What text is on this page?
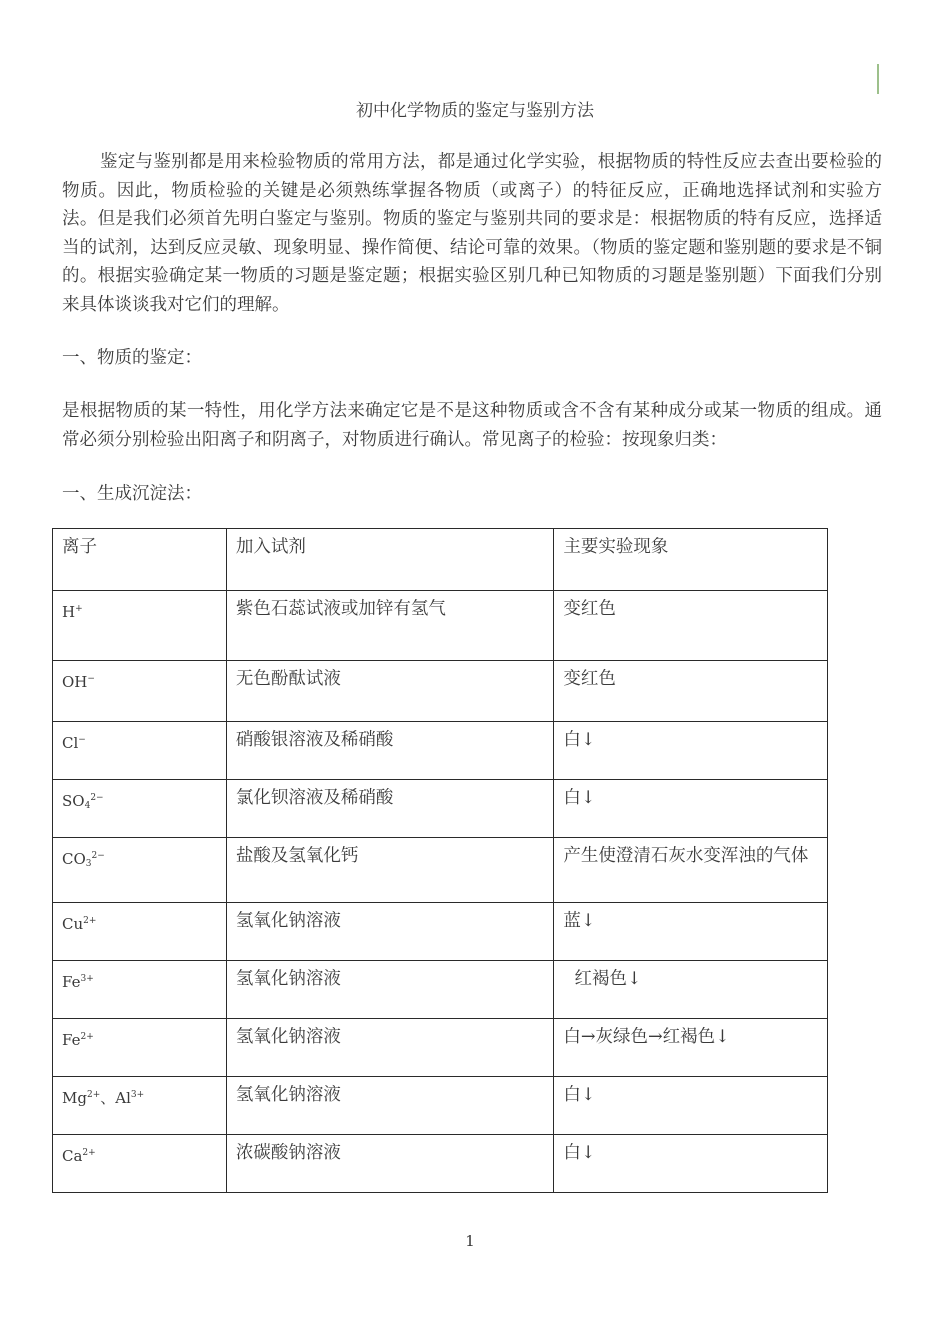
初中化学物质的鉴定与鉴别方法

鉴定与鉴别都是用来检验物质的常用方法，都是通过化学实验，根据物质的特性反应去查出要检验的物质。因此，物质检验的关键是必须熟练掌握各物质（或离子）的特征反应，正确地选择试剂和实验方法。但是我们必须首先明白鉴定与鉴别。物质的鉴定与鉴别共同的要求是：根据物质的特有反应，选择适当的试剂，达到反应灵敏、现象明显、操作简便、结论可靠的效果。（物质的鉴定题和鉴别题的要求是不铜的。根据实验确定某一物质的习题是鉴定题；根据实验区别几种已知物质的习题是鉴别题）下面我们分别来具体谈谈我对它们的理解。

一、物质的鉴定：

是根据物质的某一特性，用化学方法来确定它是不是这种物质或含不含有某种成分或某一物质的组成。通常必须分别检验出阳离子和阴离子，对物质进行确认。常见离子的检验：按现象归类：

一、生成沉淀法：

离子	加入试剂	主要实验现象
H+	紫色石蕊试液或加锌有氢气	变红色
OH−	无色酚酞试液	变红色
Cl−	硝酸银溶液及稀硝酸	白↓
$SO_4^{2-}$	氯化钡溶液及稀硝酸	白↓
$CO_3^{2-}$	盐酸及氢氧化钙	产生使澄清石灰水变浑浊的气体
$Cu^{2+}$	氢氧化钠溶液	蓝↓
$Fe^{3+}$	氢氧化钠溶液	红褐色↓
$Fe^{2+}$	氢氧化钠溶液	白→灰绿色→红褐色↓
$Mg^{2+}$、$Al^{3+}$	氢氧化钠溶液	白↓
$Ca^{2+}$	浓碳酸钠溶液	白↓
1
